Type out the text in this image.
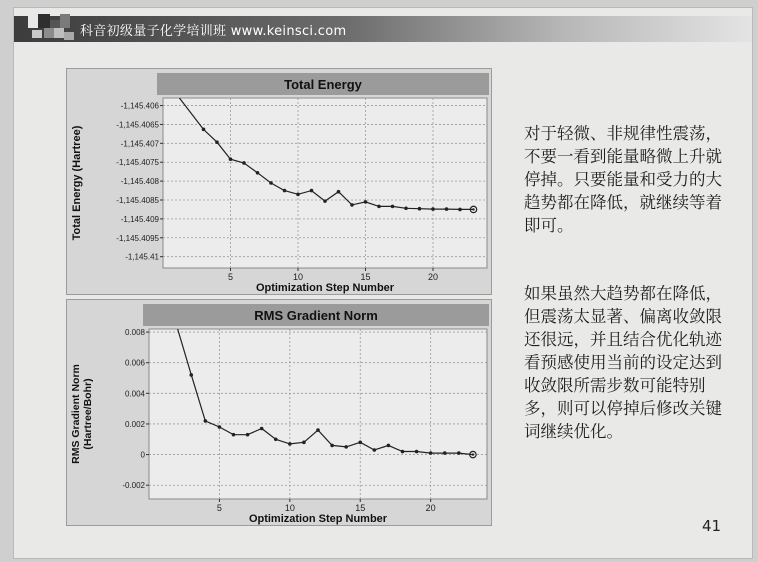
科音初级量子化学培训班 www.keinsci.com
Total Energy
-1,145.406
-1,145.4065
-1,145.407
-1,145.4075
-1,145.408
-1,145.4085
-1,145.409
-1,145.4095
-1,145.41
5	10	15	20
Optimization Step Number
Total Energy (Hartree)
RMS Gradient Norm
0.008
0.006
0.004
0.002
0
-0.002
5	10	15	20
Optimization Step Number
RMS Gradient Norm (Hartree/Bohr)
对于轻微、非规律性震荡，不要一看到能量略微上升就停掉。只要能量和受力的大趋势都在降低，就继续等着即可。
如果虽然大趋势都在降低，但震荡太显著、偏离收敛限还很远，并且结合优化轨迹看预感使用当前的设定达到收敛限所需步数可能特别多，则可以停掉后修改关键词继续优化。
41
